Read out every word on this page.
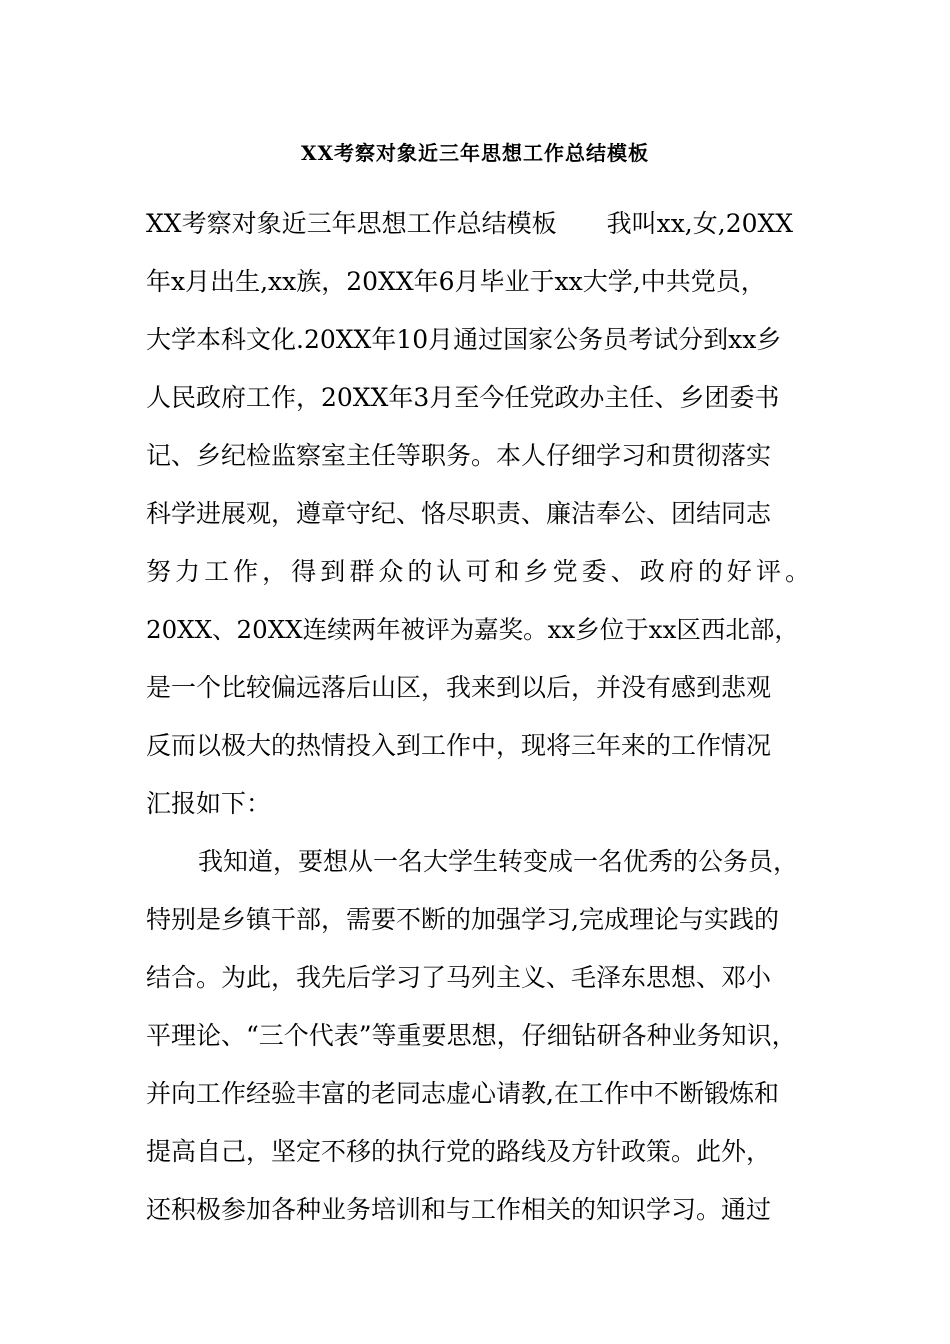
XX考察对象近三年思想工作总结模板
XX考察对象近三年思想工作总结模板　　我叫xx,女,20XX
年x月出生,xx族，20XX年6月毕业于xx大学,中共党员，
大学本科文化.20XX年10月通过国家公务员考试分到xx乡
人民政府工作，20XX年3月至今任党政办主任、乡团委书
记、乡纪检监察室主任等职务。本人仔细学习和贯彻落实
科学进展观，遵章守纪、恪尽职责、廉洁奉公、团结同志
努力工作，得到群众的认可和乡党委、政府的好评。
20XX、20XX连续两年被评为嘉奖。xx乡位于xx区西北部，
是一个比较偏远落后山区，我来到以后，并没有感到悲观
反而以极大的热情投入到工作中，现将三年来的工作情况
汇报如下：
我知道，要想从一名大学生转变成一名优秀的公务员，
特别是乡镇干部，需要不断的加强学习,完成理论与实践的
结合。为此，我先后学习了马列主义、毛泽东思想、邓小
平理论、“三个代表”等重要思想，仔细钻研各种业务知识，
并向工作经验丰富的老同志虚心请教,在工作中不断锻炼和
提高自己，坚定不移的执行党的路线及方针政策。此外，
还积极参加各种业务培训和与工作相关的知识学习。通过
